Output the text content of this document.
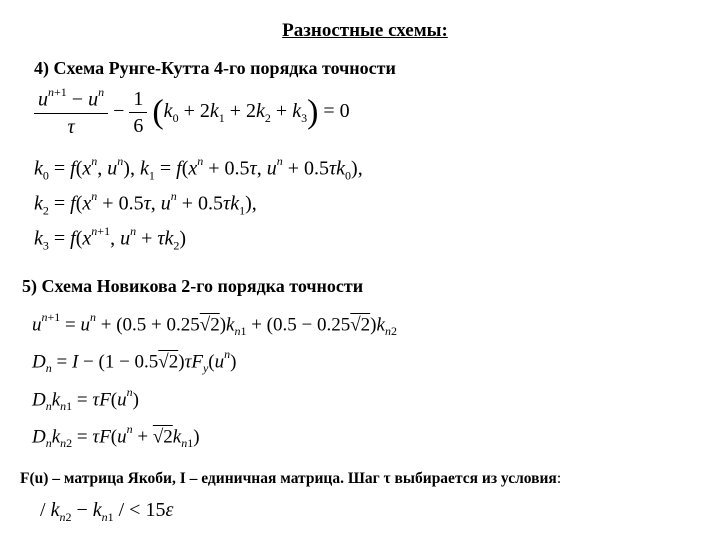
Разностные схемы:
4) Схема Рунге-Кутта 4-го порядка точности
$\frac{u^{n+1} - u^n}{\tau} - \frac{1}{6} (k_0 + 2k_1 + 2k_2 + k_3) = 0$
$k_0 = f(x^n$, $u^n$), $k_1 = f(x^n + 0.5\tau$, $u^n + 0.5\tau k_0$),
$k_2 = f(x^n + 0.5\tau$, $u^n + 0.5\tau k_1$),
$k_3 = f(x^{n+1}$, $u^n + \tau k_2$)
5) Схема Новикова 2-го порядка точности
$u^{n+1} = u^n + (0.5 + 0.25√2)k_{n1} + (0.5 - 0.25√2)k_{n2}$
$D_n = I - (1 - 0.5√2)\tau F_y(u^n)$
$D_nk_{n1} = \tau F(u^n)$
$D_nk_{n2} = \tau F(u^n + √2k_{n1})$
F(u) – матрица Якоби, I – единичная матрица. Шаг τ выбирается из условия:
/ $k_{n2} - k_{n1}$ / < 15ε
